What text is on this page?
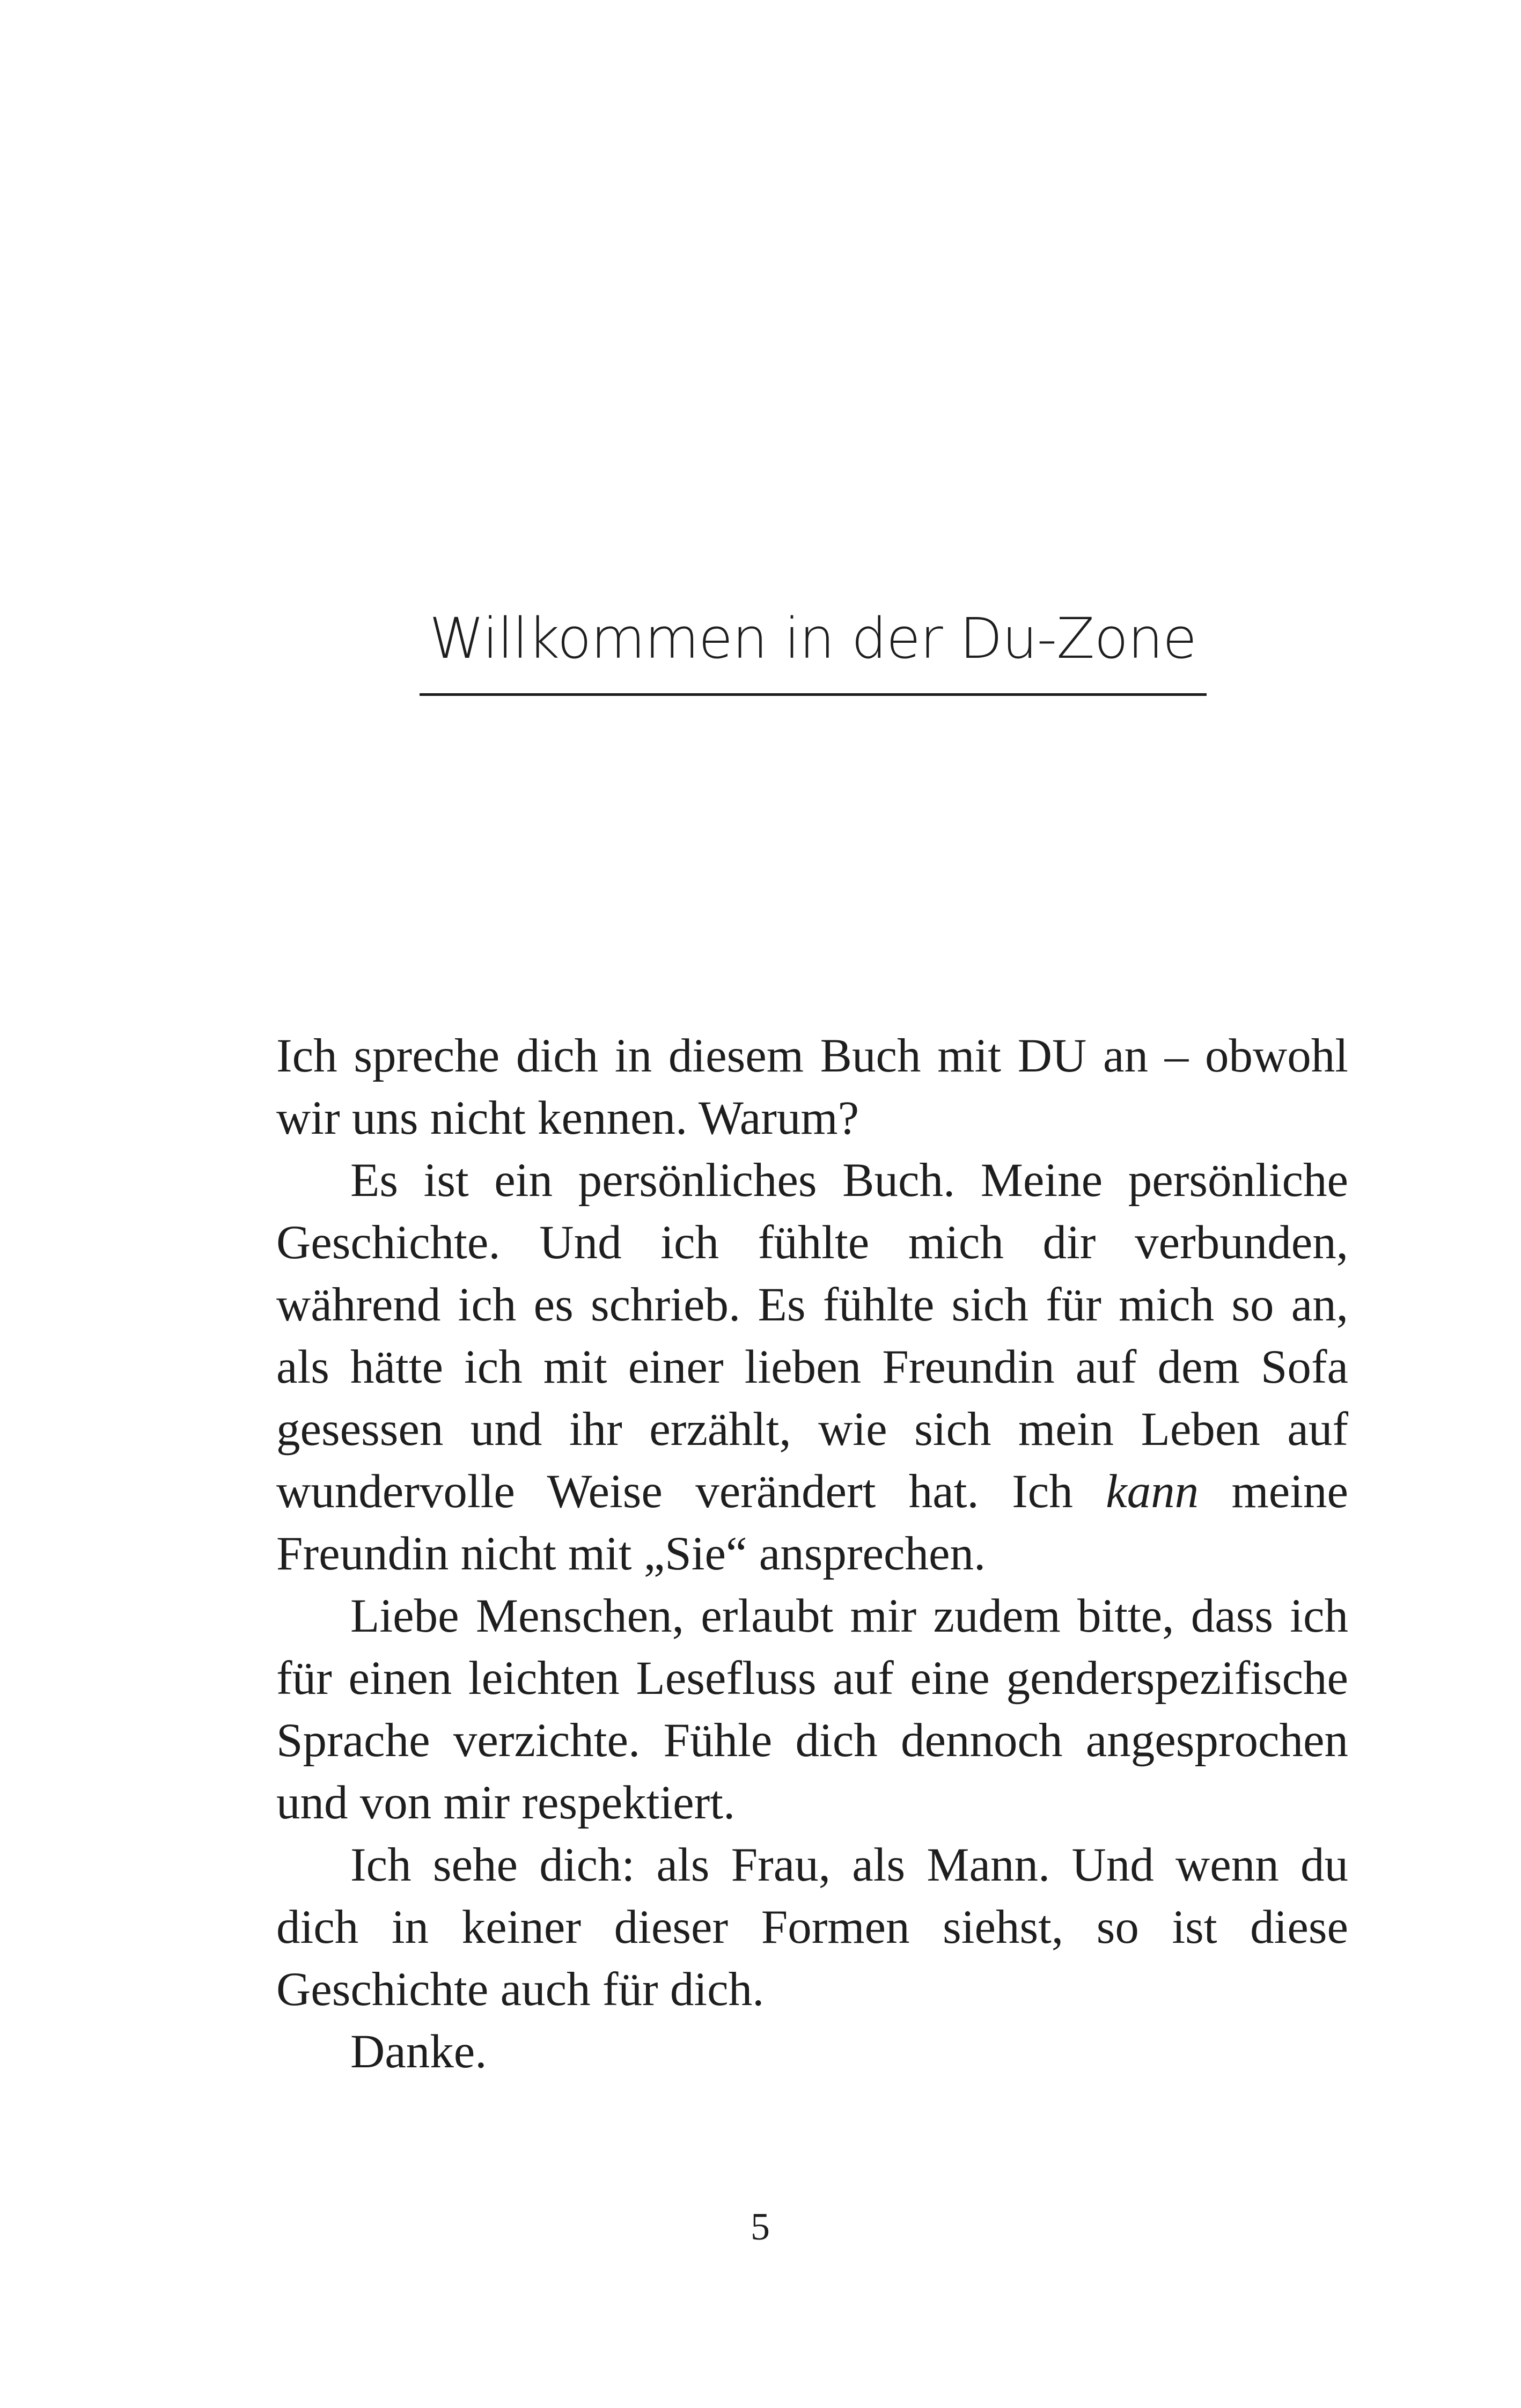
Willkommen in der Du-Zone

Ich spreche dich in diesem Buch mit DU an – obwohl wir uns nicht kennen. Warum?

Es ist ein persönliches Buch. Meine persönliche Geschichte. Und ich fühlte mich dir verbunden, während ich es schrieb. Es fühlte sich für mich so an, als hätte ich mit einer lieben Freundin auf dem Sofa gesessen und ihr erzählt, wie sich mein Leben auf wundervolle Weise verändert hat. Ich kann meine Freundin nicht mit „Sie“ ansprechen.

Liebe Menschen, erlaubt mir zudem bitte, dass ich für einen leichten Lesefluss auf eine genderspezifische Sprache verzichte. Fühle dich dennoch angesprochen und von mir respektiert.

Ich sehe dich: als Frau, als Mann. Und wenn du dich in keiner dieser Formen siehst, so ist diese Geschichte auch für dich.

Danke.

5
